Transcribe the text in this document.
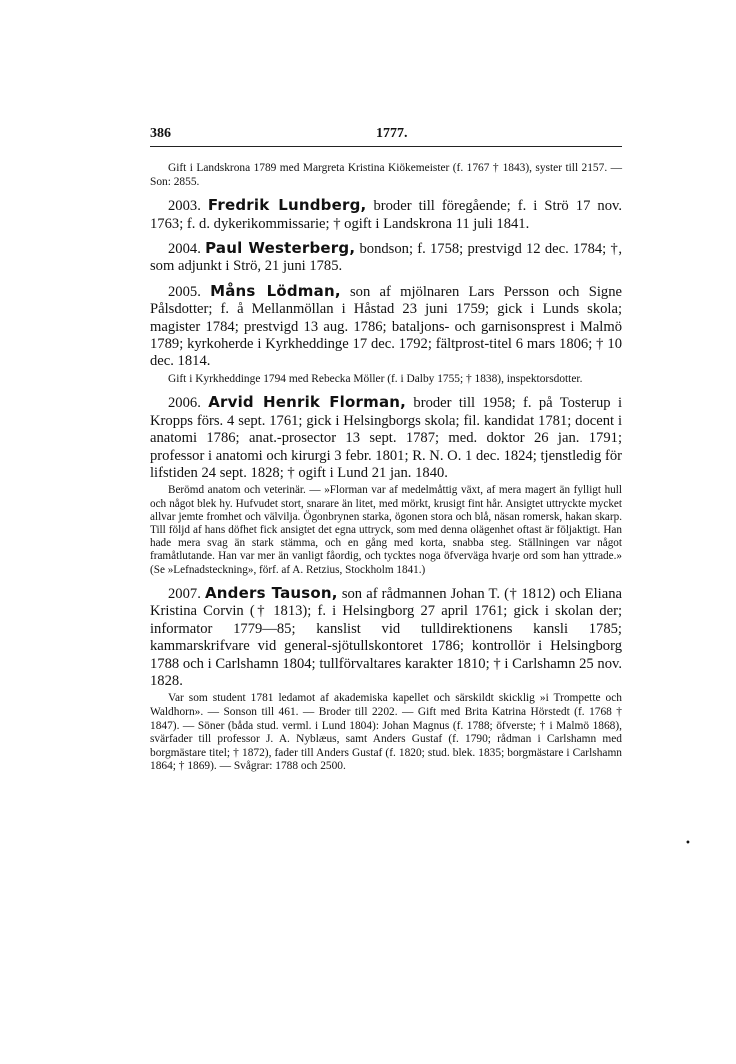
386	1777.

Gift i Landskrona 1789 med Margreta Kristina Kiökemeister (f. 1767 † 1843), syster till 2157. — Son: 2855.

2003. Fredrik Lundberg, broder till föregående; f. i Strö 17 nov. 1763; f. d. dykerikommissarie; † ogift i Landskrona 11 juli 1841.

2004. Paul Westerberg, bondson; f. 1758; prestvigd 12 dec. 1784; †, som adjunkt i Strö, 21 juni 1785.

2005. Måns Lödman, son af mjölnaren Lars Persson och Signe Pålsdotter; f. å Mellanmöllan i Håstad 23 juni 1759; gick i Lunds skola; magister 1784; prestvigd 13 aug. 1786; bataljons- och garnisonsprest i Malmö 1789; kyrkoherde i Kyrkheddinge 17 dec. 1792; fältprost-titel 6 mars 1806; † 10 dec. 1814.

Gift i Kyrkheddinge 1794 med Rebecka Möller (f. i Dalby 1755; † 1838), inspektorsdotter.

2006. Arvid Henrik Florman, broder till 1958; f. på Tosterup i Kropps förs. 4 sept. 1761; gick i Helsingborgs skola; fil. kandidat 1781; docent i anatomi 1786; anat.-prosector 13 sept. 1787; med. doktor 26 jan. 1791; professor i anatomi och kirurgi 3 febr. 1801; R. N. O. 1 dec. 1824; tjenstledig för lifstiden 24 sept. 1828; † ogift i Lund 21 jan. 1840.

Berömd anatom och veterinär. — »Florman var af medelmåttig växt, af mera magert än fylligt hull och något blek hy. Hufvudet stort, snarare än litet, med mörkt, krusigt fint hår. Ansigtet uttryckte mycket allvar jemte fromhet och välvilja. Ögonbrynen starka, ögonen stora och blå, näsan romersk, hakan skarp. Till följd af hans döfhet fick ansigtet det egna uttryck, som med denna olägenhet oftast är följaktigt. Han hade mera svag än stark stämma, och en gång med korta, snabba steg. Ställningen var något framåtlutande. Han var mer än vanligt fåordig, och tycktes noga öfverväga hvarje ord som han yttrade.» (Se »Lefnadsteckning», förf. af A. Retzius, Stockholm 1841.)

2007. Anders Tauson, son af rådmannen Johan T. († 1812) och Eliana Kristina Corvin († 1813); f. i Helsingborg 27 april 1761; gick i skolan der; informator 1779—85; kanslist vid tulldirektionens kansli 1785; kammarskrifvare vid general-sjötullskontoret 1786; kontrollör i Helsingborg 1788 och i Carlshamn 1804; tullförvaltares karakter 1810; † i Carlshamn 25 nov. 1828.

Var som student 1781 ledamot af akademiska kapellet och särskildt skicklig »i Trompette och Waldhorn». — Sonson till 461. — Broder till 2202. — Gift med Brita Katrina Hörstedt (f. 1768 † 1847). — Söner (båda stud. verml. i Lund 1804): Johan Magnus (f. 1788; öfverste; † i Malmö 1868), svärfader till professor J. A. Nyblæus, samt Anders Gustaf (f. 1790; rådman i Carlshamn med borgmästare titel; † 1872), fader till Anders Gustaf (f. 1820; stud. blek. 1835; borgmästare i Carlshamn 1864; † 1869). — Svågrar: 1788 och 2500.

•
